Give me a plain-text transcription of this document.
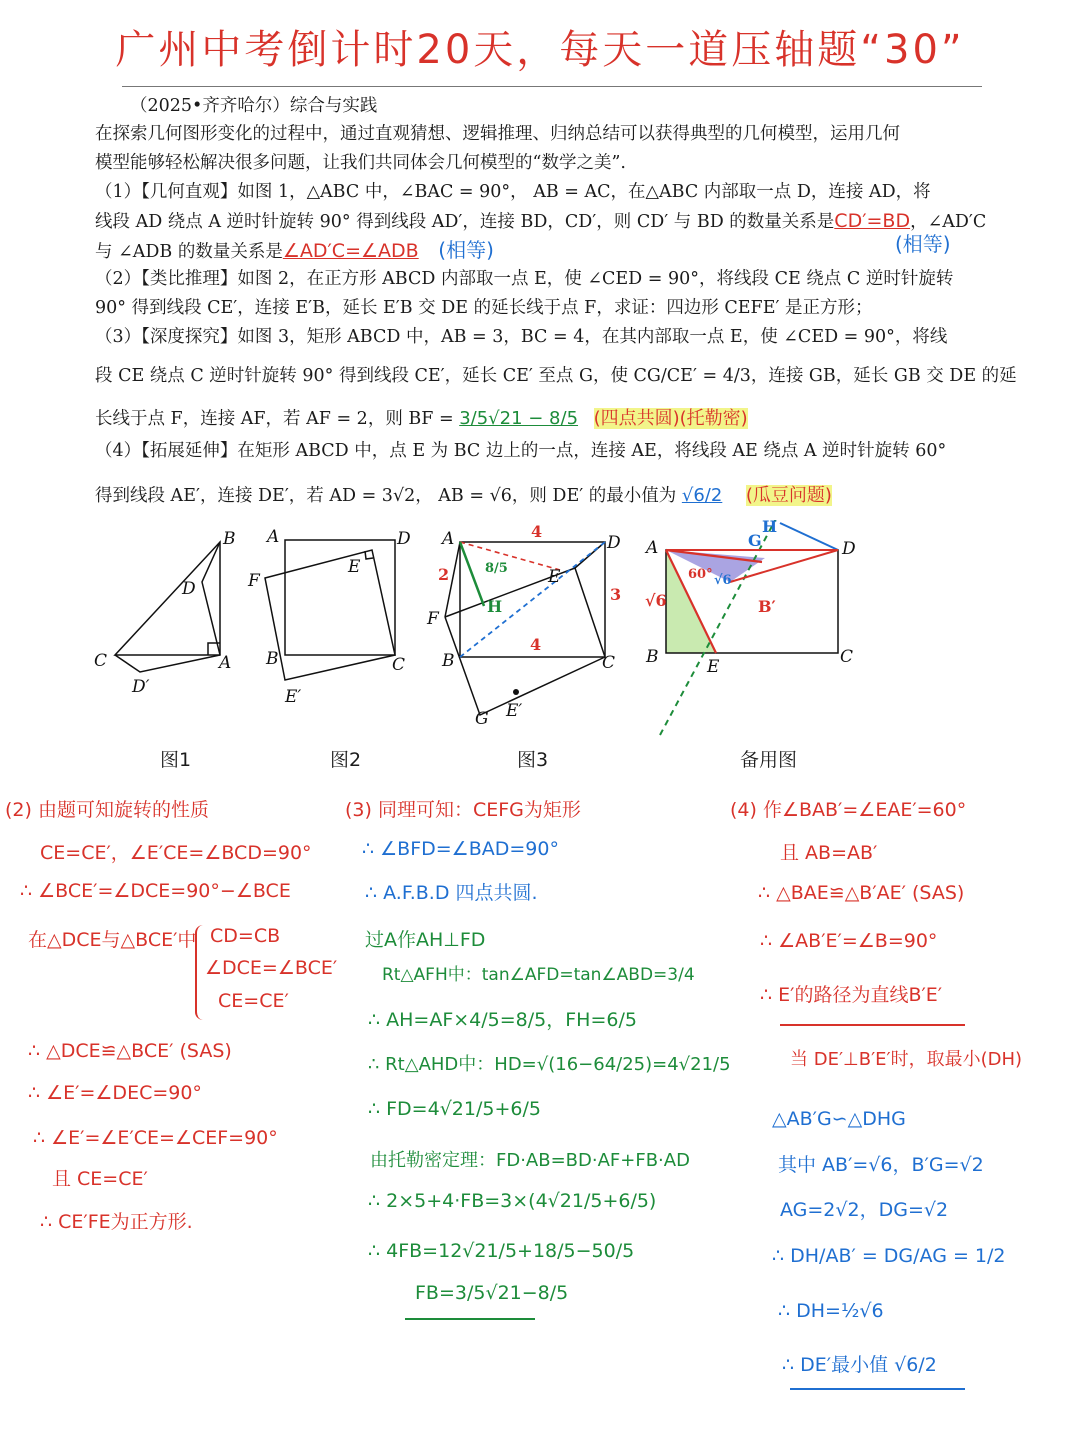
广州中考倒计时20天，每天一道压轴题“30”
（2025•齐齐哈尔）综合与实践
在探索几何图形变化的过程中，通过直观猜想、逻辑推理、归纳总结可以获得典型的几何模型，运用几何
模型能够轻松解决很多问题，让我们共同体会几何模型的“数学之美”.
（1）【几何直观】如图 1，△ABC 中，∠BAC = 90°， AB = AC，在△ABC 内部取一点 D，连接 AD，将
线段 AD 绕点 A 逆时针旋转 90° 得到线段 AD′，连接 BD，CD′，则 CD′ 与 BD 的数量关系是CD′=BD，∠AD′C
与 ∠ADB 的数量关系是∠AD′C=∠ADB (相等)	(相等)
（2）【类比推理】如图 2，在正方形 ABCD 内部取一点 E，使 ∠CED = 90°，将线段 CE 绕点 C 逆时针旋转
90° 得到线段 CE′，连接 E′B，延长 E′B 交 DE 的延长线于点 F，求证：四边形 CEFE′ 是正方形；
（3）【深度探究】如图 3，矩形 ABCD 中，AB = 3，BC = 4，在其内部取一点 E，使 ∠CED = 90°，将线
段 CE 绕点 C 逆时针旋转 90° 得到线段 CE′，延长 CE′ 至点 G，使 CG/CE′ = 4/3，连接 GB，延长 GB 交 DE 的延
长线于点 F，连接 AF，若 AF = 2，则 BF = 3/5√21 − 8/5 (四点共圆)(托勒密)
（4）【拓展延伸】在矩形 ABCD 中，点 E 为 BC 边上的一点，连接 AE，将线段 AE 绕点 A 逆时针旋转 60°
得到线段 AE′，连接 DE′，若 AD = 3√2， AB = √6，则 DE′ 的最小值为 √6/2 (瓜豆问题)
B
D
C	A
D′
A	D
F
E
B	C
E′
A	D
E
F
B	C
G E′
4
2
3
4
8/5
H
A	D
B	C
E
H
G
√6
60° √6
B′
图1	图2	图3	备用图
(2) 由题可知旋转的性质
CE=CE′，∠E′CE=∠BCD=90°
∴ ∠BCE′=∠DCE=90°−∠BCE
在△DCE与△BCE′中 CD=CB
∠DCE=∠BCE′
CE=CE′
∴ △DCE≌△BCE′ (SAS)
∴ ∠E′=∠DEC=90°
∴ ∠E′=∠E′CE=∠CEF=90°
且 CE=CE′
∴ CE′FE为正方形.
(3) 同理可知：CEFG为矩形
∴ ∠BFD=∠BAD=90°
∴ A.F.B.D 四点共圆.
过A作AH⊥FD
Rt△AFH中：tan∠AFD=tan∠ABD=3/4
∴ AH=AF×4/5=8/5，FH=6/5
∴ Rt△AHD中：HD=√(16−64/25)=4√21/5
∴ FD=4√21/5+6/5
由托勒密定理：FD·AB=BD·AF+FB·AD
∴ 2×5+4·FB=3×(4√21/5+6/5)
∴ 4FB=12√21/5+18/5−50/5
FB=3/5√21−8/5
(4) 作∠BAB′=∠EAE′=60°
且 AB=AB′
∴ △BAE≌△B′AE′ (SAS)
∴ ∠AB′E′=∠B=90°
∴ E′的路径为直线B′E′
当 DE′⊥B′E′时，取最小(DH)
△AB′G∽△DHG
其中 AB′=√6，B′G=√2
AG=2√2，DG=√2
∴ DH/AB′ = DG/AG = 1/2
∴ DH=½√6
∴ DE′最小值 √6/2
